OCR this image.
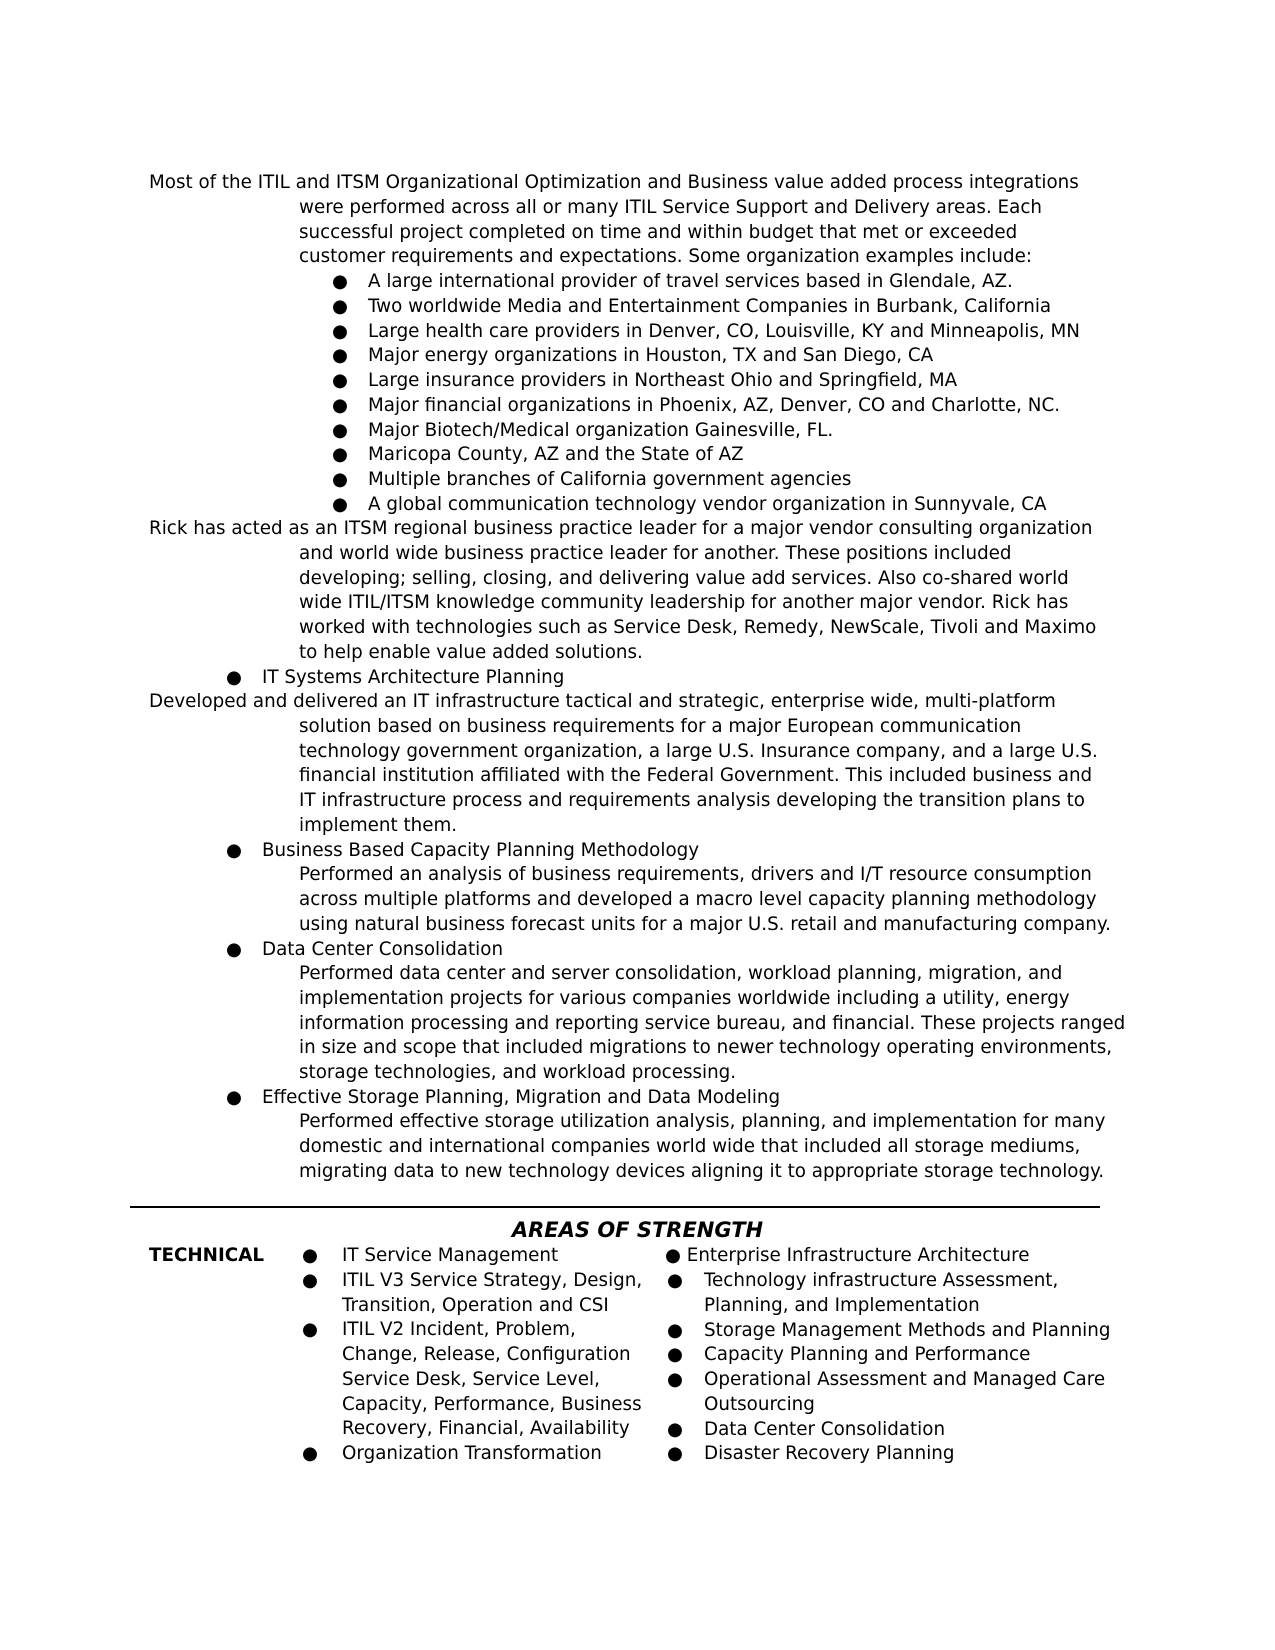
Most of the ITIL and ITSM Organizational Optimization and Business value added process integrations
were performed across all or many ITIL Service Support and Delivery areas. Each successful project completed on time and within budget that met or exceeded customer requirements and expectations. Some organization examples include:

● A large international provider of travel services based in Glendale, AZ.
● Two worldwide Media and Entertainment Companies in Burbank, California
● Large health care providers in Denver, CO, Louisville, KY and Minneapolis, MN
● Major energy organizations in Houston, TX and San Diego, CA
● Large insurance providers in Northeast Ohio and Springfield, MA
● Major financial organizations in Phoenix, AZ, Denver, CO and Charlotte, NC.
● Major Biotech/Medical organization Gainesville, FL.
● Maricopa County, AZ and the State of AZ
● Multiple branches of California government agencies
● A global communication technology vendor organization in Sunnyvale, CA

Rick has acted as an ITSM regional business practice leader for a major vendor consulting organization
and world wide business practice leader for another. These positions included developing; selling, closing, and delivering value add services. Also co-shared world wide ITIL/ITSM knowledge community leadership for another major vendor. Rick has worked with technologies such as Service Desk, Remedy, NewScale, Tivoli and Maximo to help enable value added solutions.

● IT Systems Architecture Planning

Developed and delivered an IT infrastructure tactical and strategic, enterprise wide, multi-platform
solution based on business requirements for a major European communication technology government organization, a large U.S. Insurance company, and a large U.S. financial institution affiliated with the Federal Government. This included business and IT infrastructure process and requirements analysis developing the transition plans to implement them.

● Business Based Capacity Planning Methodology

Performed an analysis of business requirements, drivers and I/T resource consumption across multiple platforms and developed a macro level capacity planning methodology using natural business forecast units for a major U.S. retail and manufacturing company.

● Data Center Consolidation

Performed data center and server consolidation, workload planning, migration, and implementation projects for various companies worldwide including a utility, energy information processing and reporting service bureau, and financial. These projects ranged in size and scope that included migrations to newer technology operating environments, storage technologies, and workload processing.

● Effective Storage Planning, Migration and Data Modeling

Performed effective storage utilization analysis, planning, and implementation for many domestic and international companies world wide that included all storage mediums, migrating data to new technology devices aligning it to appropriate storage technology.

AREAS OF STRENGTH
TECHNICAL ● IT Service Management
● ITIL V3 Service Strategy, Design, Transition, Operation and CSI
● ITIL V2 Incident, Problem, Change, Release, Configuration Service Desk, Service Level, Capacity, Performance, Business Recovery, Financial, Availability
● Organization Transformation
● Enterprise Infrastructure Architecture
● Technology infrastructure Assessment, Planning, and Implementation
● Storage Management Methods and Planning
● Capacity Planning and Performance
● Operational Assessment and Managed Care Outsourcing
● Data Center Consolidation
● Disaster Recovery Planning
